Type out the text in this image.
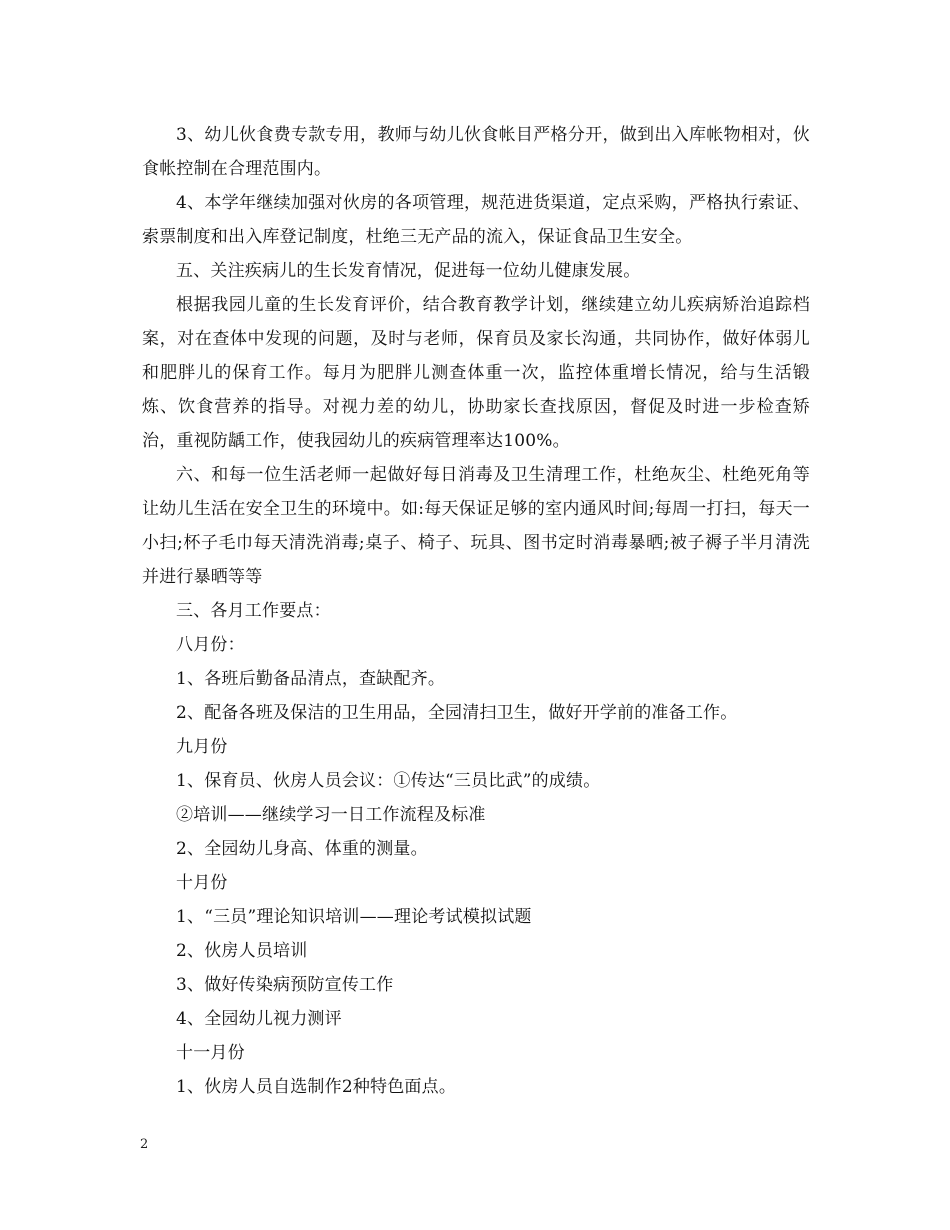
3、幼儿伙食费专款专用，教师与幼儿伙食帐目严格分开，做到出入库帐物相对，伙食帐控制在合理范围内。

4、本学年继续加强对伙房的各项管理，规范进货渠道，定点采购，严格执行索证、索票制度和出入库登记制度，杜绝三无产品的流入，保证食品卫生安全。

五、关注疾病儿的生长发育情况，促进每一位幼儿健康发展。

根据我园儿童的生长发育评价，结合教育教学计划，继续建立幼儿疾病矫治追踪档案，对在查体中发现的问题，及时与老师，保育员及家长沟通，共同协作，做好体弱儿和肥胖儿的保育工作。每月为肥胖儿测查体重一次，监控体重增长情况，给与生活锻炼、饮食营养的指导。对视力差的幼儿，协助家长查找原因，督促及时进一步检查矫治，重视防龋工作，使我园幼儿的疾病管理率达100%。

六、和每一位生活老师一起做好每日消毒及卫生清理工作，杜绝灰尘、杜绝死角等让幼儿生活在安全卫生的环境中。如:每天保证足够的室内通风时间;每周一打扫，每天一小扫;杯子毛巾每天清洗消毒;桌子、椅子、玩具、图书定时消毒暴晒;被子褥子半月清洗并进行暴晒等等

三、各月工作要点：

八月份：

1、各班后勤备品清点，查缺配齐。

2、配备各班及保洁的卫生用品，全园清扫卫生，做好开学前的准备工作。

九月份

1、保育员、伙房人员会议：①传达“三员比武”的成绩。

②培训——继续学习一日工作流程及标准

2、全园幼儿身高、体重的测量。

十月份

1、“三员”理论知识培训——理论考试模拟试题

2、伙房人员培训

3、做好传染病预防宣传工作

4、全园幼儿视力测评

十一月份

1、伙房人员自选制作2种特色面点。

2
